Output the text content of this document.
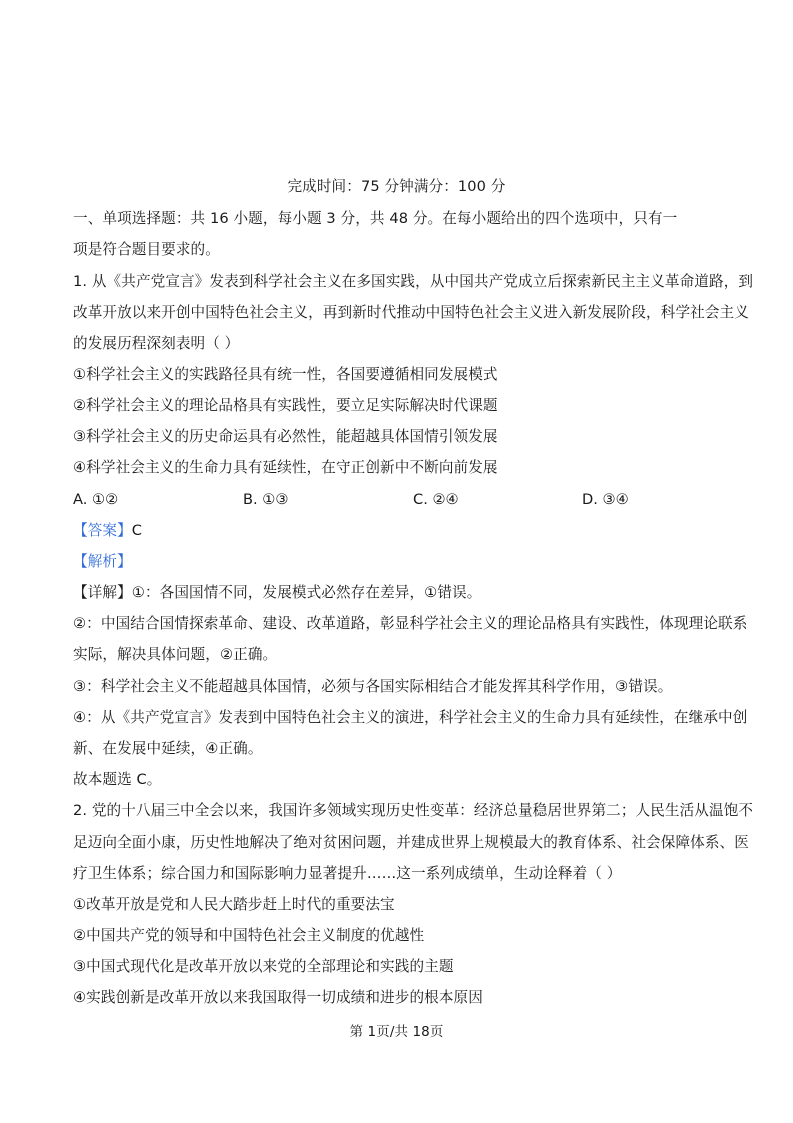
完成时间：75 分钟满分：100 分
一、单项选择题：共 16 小题，每小题 3 分，共 48 分。在每小题给出的四个选项中，只有一
项是符合题目要求的。
1. 从《共产党宣言》发表到科学社会主义在多国实践，从中国共产党成立后探索新民主主义革命道路，到
改革开放以来开创中国特色社会主义，再到新时代推动中国特色社会主义进入新发展阶段，科学社会主义
的发展历程深刻表明（ ）
①科学社会主义的实践路径具有统一性，各国要遵循相同发展模式
②科学社会主义的理论品格具有实践性，要立足实际解决时代课题
③科学社会主义的历史命运具有必然性，能超越具体国情引领发展
④科学社会主义的生命力具有延续性，在守正创新中不断向前发展
A. ①②	B. ①③	C. ②④	D. ③④
【答案】C
【解析】
【详解】①：各国国情不同，发展模式必然存在差异，①错误。
②：中国结合国情探索革命、建设、改革道路，彰显科学社会主义的理论品格具有实践性，体现理论联系
实际，解决具体问题，②正确。
③：科学社会主义不能超越具体国情，必须与各国实际相结合才能发挥其科学作用，③错误。
④：从《共产党宣言》发表到中国特色社会主义的演进，科学社会主义的生命力具有延续性，在继承中创
新、在发展中延续，④正确。
故本题选 C。
2. 党的十八届三中全会以来，我国许多领域实现历史性变革：经济总量稳居世界第二；人民生活从温饱不
足迈向全面小康，历史性地解决了绝对贫困问题，并建成世界上规模最大的教育体系、社会保障体系、医
疗卫生体系；综合国力和国际影响力显著提升……这一系列成绩单，生动诠释着（ ）
①改革开放是党和人民大踏步赶上时代的重要法宝
②中国共产党的领导和中国特色社会主义制度的优越性
③中国式现代化是改革开放以来党的全部理论和实践的主题
④实践创新是改革开放以来我国取得一切成绩和进步的根本原因
第 1页/共 18页
